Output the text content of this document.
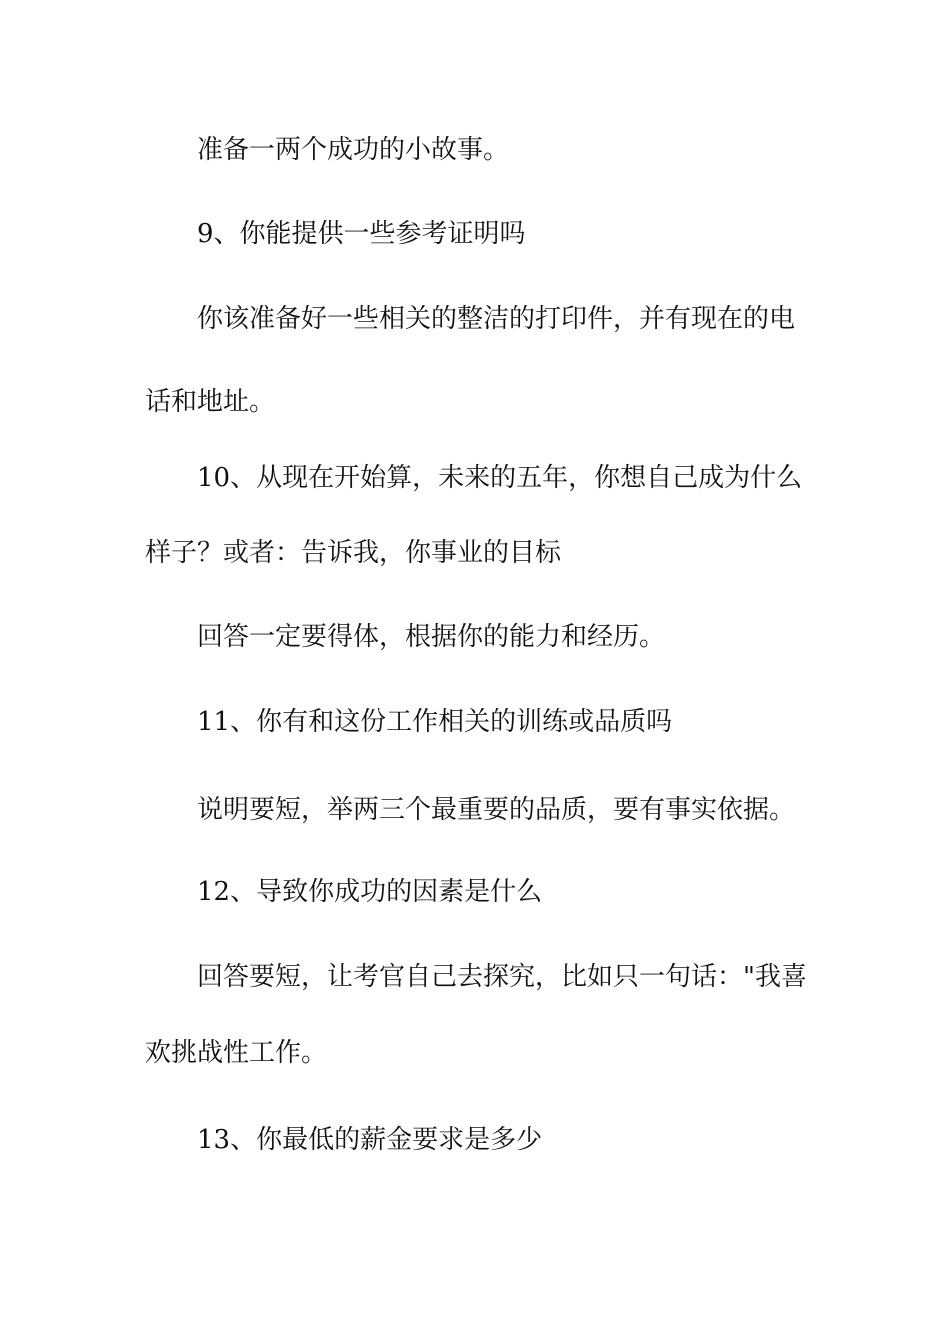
准备一两个成功的小故事。
9、你能提供一些参考证明吗
你该准备好一些相关的整洁的打印件，并有现在的电
话和地址。
10、从现在开始算，未来的五年，你想自己成为什么
样子？或者：告诉我，你事业的目标
回答一定要得体，根据你的能力和经历。
11、你有和这份工作相关的训练或品质吗
说明要短，举两三个最重要的品质，要有事实依据。
12、导致你成功的因素是什么
回答要短，让考官自己去探究，比如只一句话："我喜
欢挑战性工作。
13、你最低的薪金要求是多少
